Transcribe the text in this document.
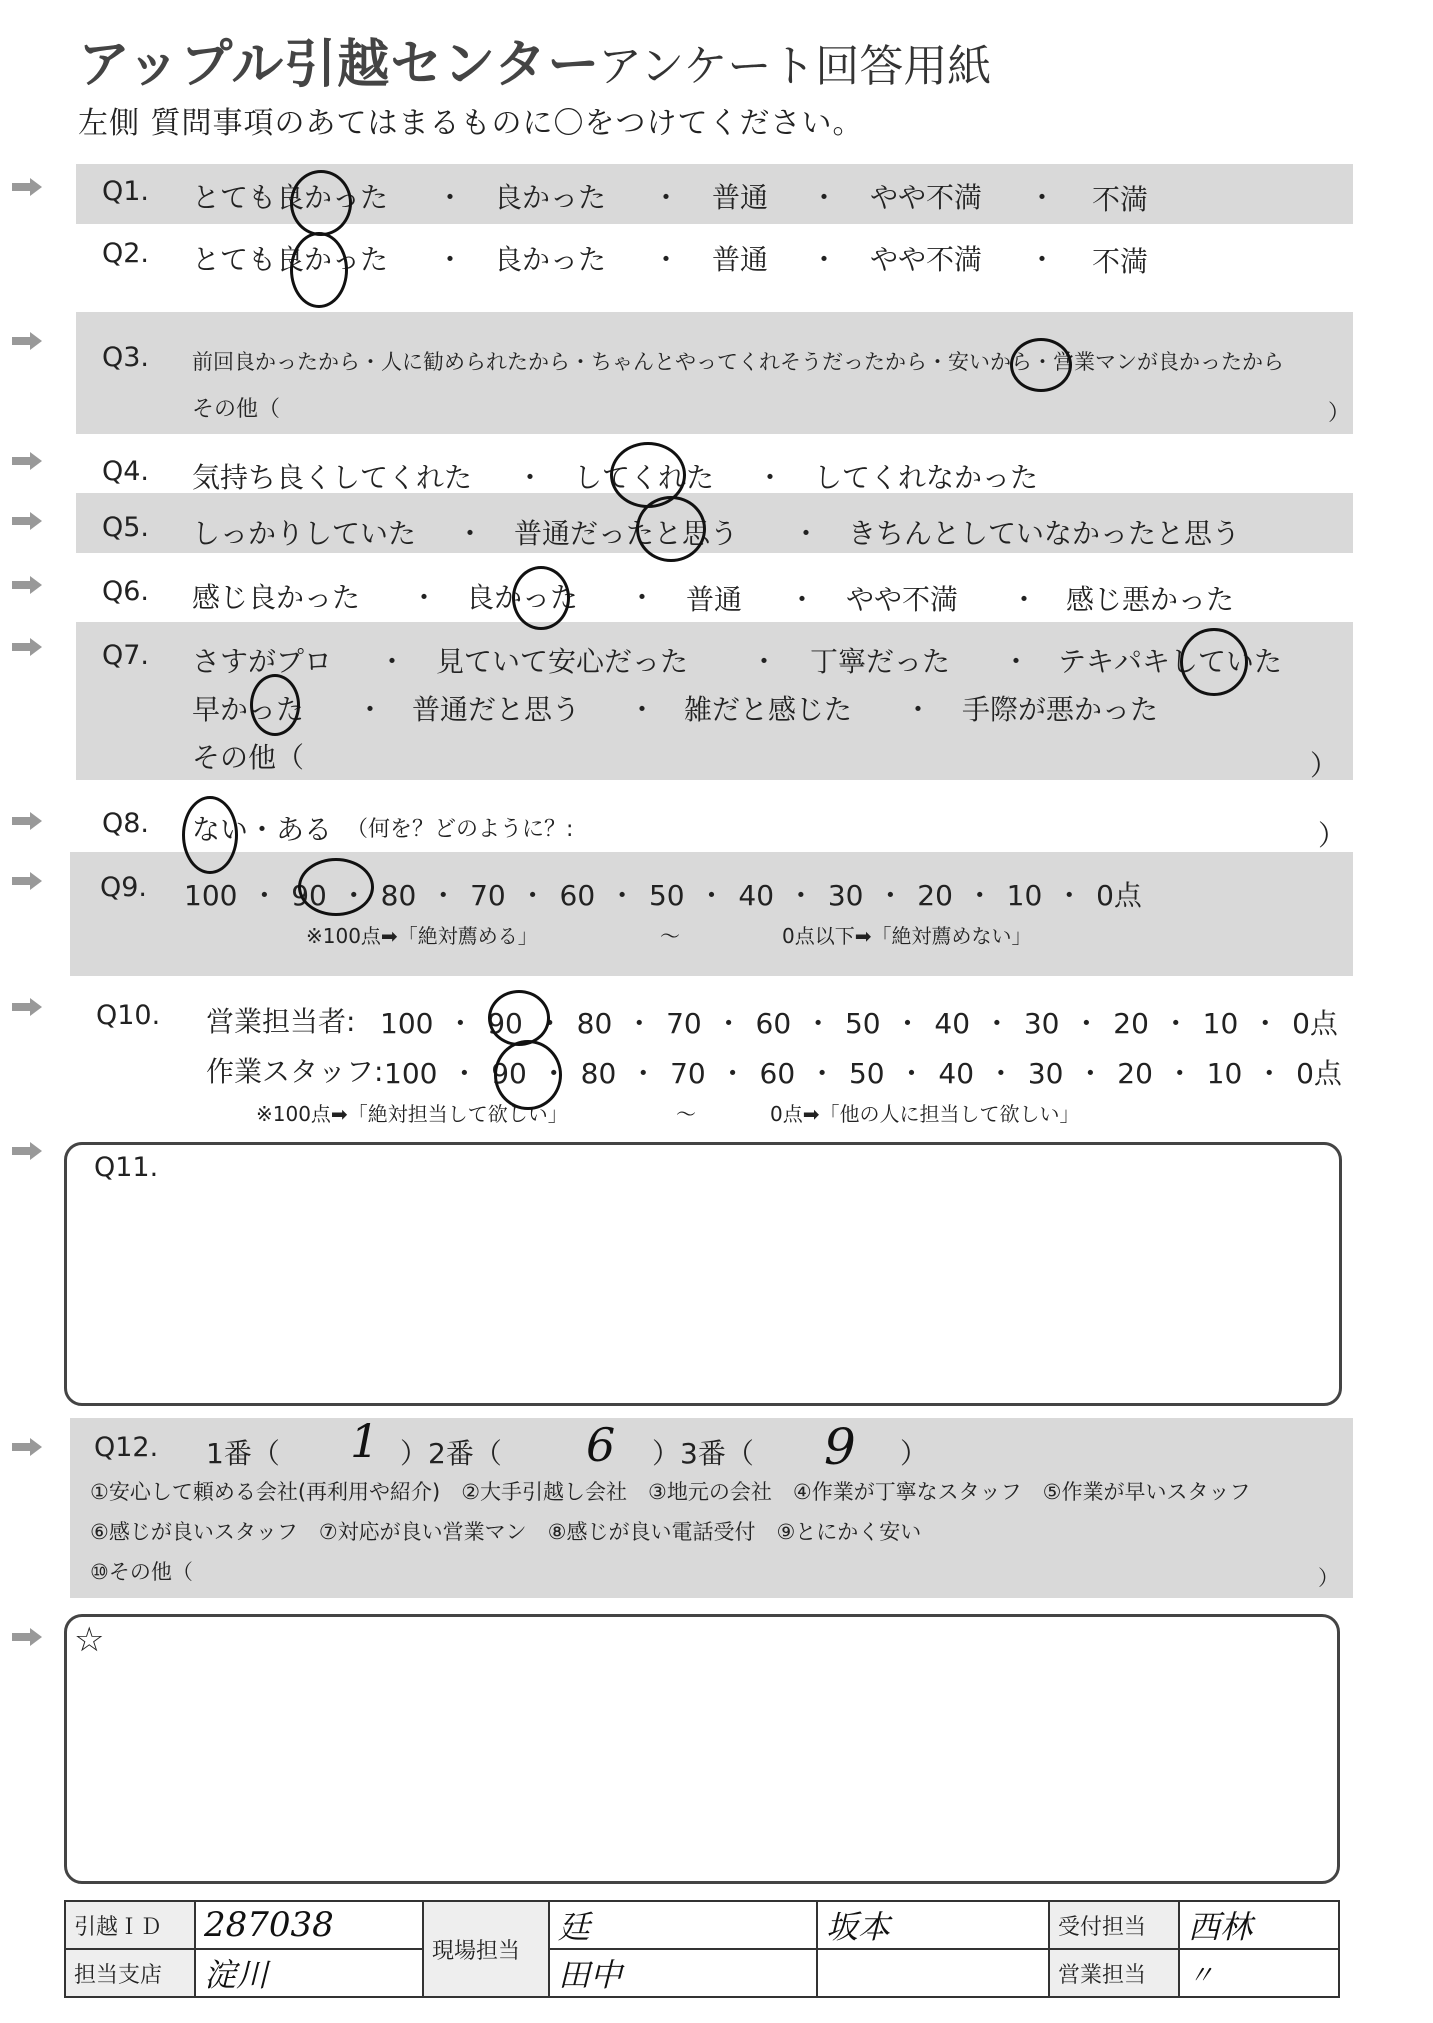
アップル引越センター
アンケート回答用紙
左側 質問事項のあてはまるものに〇をつけてください。
Q1. とても良かった ・ 良かった ・ 普通 ・ やや不満 ・ 不満
Q2. とても良かった ・ 良かった ・ 普通 ・ やや不満 ・ 不満
Q3. 前回良かったから・人に勧められたから・ちゃんとやってくれそうだったから・安いから・営業マンが良かったから
その他（	）
Q4. 気持ち良くしてくれた ・ してくれた ・ してくれなかった
Q5. しっかりしていた ・ 普通だったと思う ・ きちんとしていなかったと思う
Q6. 感じ良かった ・ 良かった ・ 普通 ・ やや不満 ・ 感じ悪かった
Q7. さすがプロ ・ 見ていて安心だった ・ 丁寧だった ・ テキパキしていた
早かった ・ 普通だと思う ・ 雑だと感じた ・ 手際が悪かった
その他（	）
Q8. ない・ある （何を？どのように？:	）
Q9. 100 ・ 90 ・ 80 ・ 70 ・ 60 ・ 50 ・ 40 ・ 30 ・ 20 ・ 10 ・ 0点
※100点➡「絶対薦める」	～	0点以下➡「絶対薦めない」
Q10. 営業担当者: 100 ・ 90 ・ 80 ・ 70 ・ 60 ・ 50 ・ 40 ・ 30 ・ 20 ・ 10 ・ 0点
作業スタッフ: 100 ・ 90 ・ 80 ・ 70 ・ 60 ・ 50 ・ 40 ・ 30 ・ 20 ・ 10 ・ 0点
※100点➡「絶対担当して欲しい」	～	0点➡「他の人に担当して欲しい」
Q11.
Q12. 1番（ 1 ）2番（ 6 ）3番（ 9 ）
①安心して頼める会社(再利用や紹介)　②大手引越し会社　③地元の会社　④作業が丁寧なスタッフ　⑤作業が早いスタッフ
⑥感じが良いスタッフ　⑦対応が良い営業マン　⑧感じが良い電話受付　⑨とにかく安い
⑩その他（	）
☆
引越ＩＤ	287038	現場担当	廷	坂本	受付担当	西林
担当支店	淀川		田中		営業担当	〃
